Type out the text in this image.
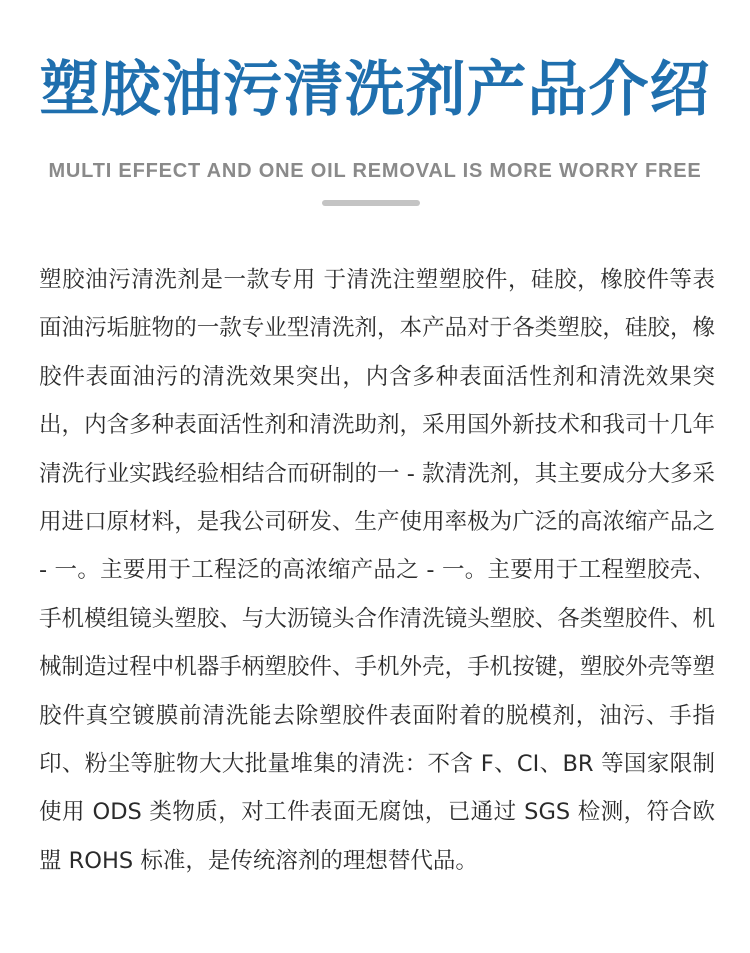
塑胶油污清洗剂产品介绍
MULTI EFFECT AND ONE OIL REMOVAL IS MORE WORRY FREE
塑胶油污清洗剂是一款专用 于清洗注塑塑胶件，硅胶，橡胶件等表面油污垢脏物的一款专业型清洗剂，本产品对于各类塑胶，硅胶，橡胶件表面油污的清洗效果突出，内含多种表面活性剂和清洗效果突出，内含多种表面活性剂和清洗助剂，采用国外新技术和我司十几年清洗行业实践经验相结合而研制的一 - 款清洗剂，其主要成分大多采用进口原材料，是我公司研发、生产使用率极为广泛的高浓缩产品之 - 一。主要用于工程泛的高浓缩产品之 - 一。主要用于工程塑胶壳、手机模组镜头塑胶、与大沥镜头合作清洗镜头塑胶、各类塑胶件、机械制造过程中机器手柄塑胶件、手机外壳，手机按键，塑胶外壳等塑胶件真空镀膜前清洗能去除塑胶件表面附着的脱模剂，油污、手指印、粉尘等脏物大大批量堆集的清洗：不含 F、CI、BR 等国家限制使用 ODS 类物质，对工件表面无腐蚀，已通过 SGS 检测，符合欧盟 ROHS 标准，是传统溶剂的理想替代品。
